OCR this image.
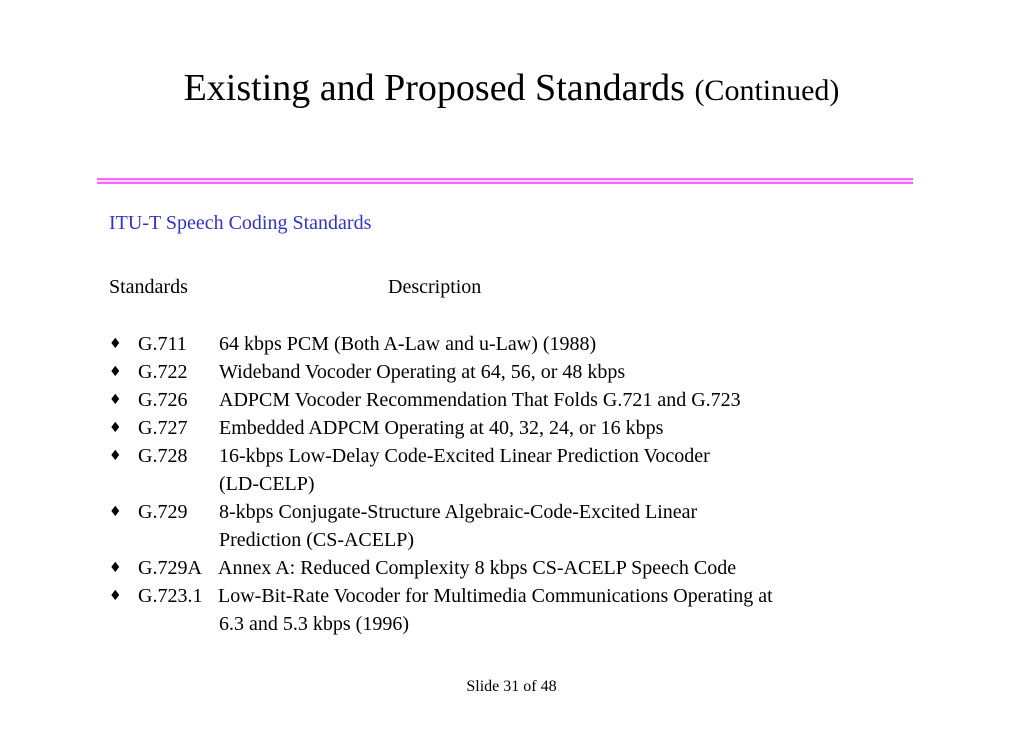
Existing and Proposed Standards (Continued)
ITU-T Speech Coding Standards
Standards	Description
♦ G.711 64 kbps PCM (Both A-Law and u-Law) (1988)
♦ G.722 Wideband Vocoder Operating at 64, 56, or 48 kbps
♦ G.726 ADPCM Vocoder Recommendation That Folds G.721 and G.723
♦ G.727 Embedded ADPCM Operating at 40, 32, 24, or 16 kbps
♦ G.728 16-kbps Low-Delay Code-Excited Linear Prediction Vocoder
(LD-CELP)
♦ G.729 8-kbps Conjugate-Structure Algebraic-Code-Excited Linear
Prediction (CS-ACELP)
♦ G.729A Annex A: Reduced Complexity 8 kbps CS-ACELP Speech Code
♦ G.723.1 Low-Bit-Rate Vocoder for Multimedia Communications Operating at
6.3 and 5.3 kbps (1996)
Slide 31 of 48
